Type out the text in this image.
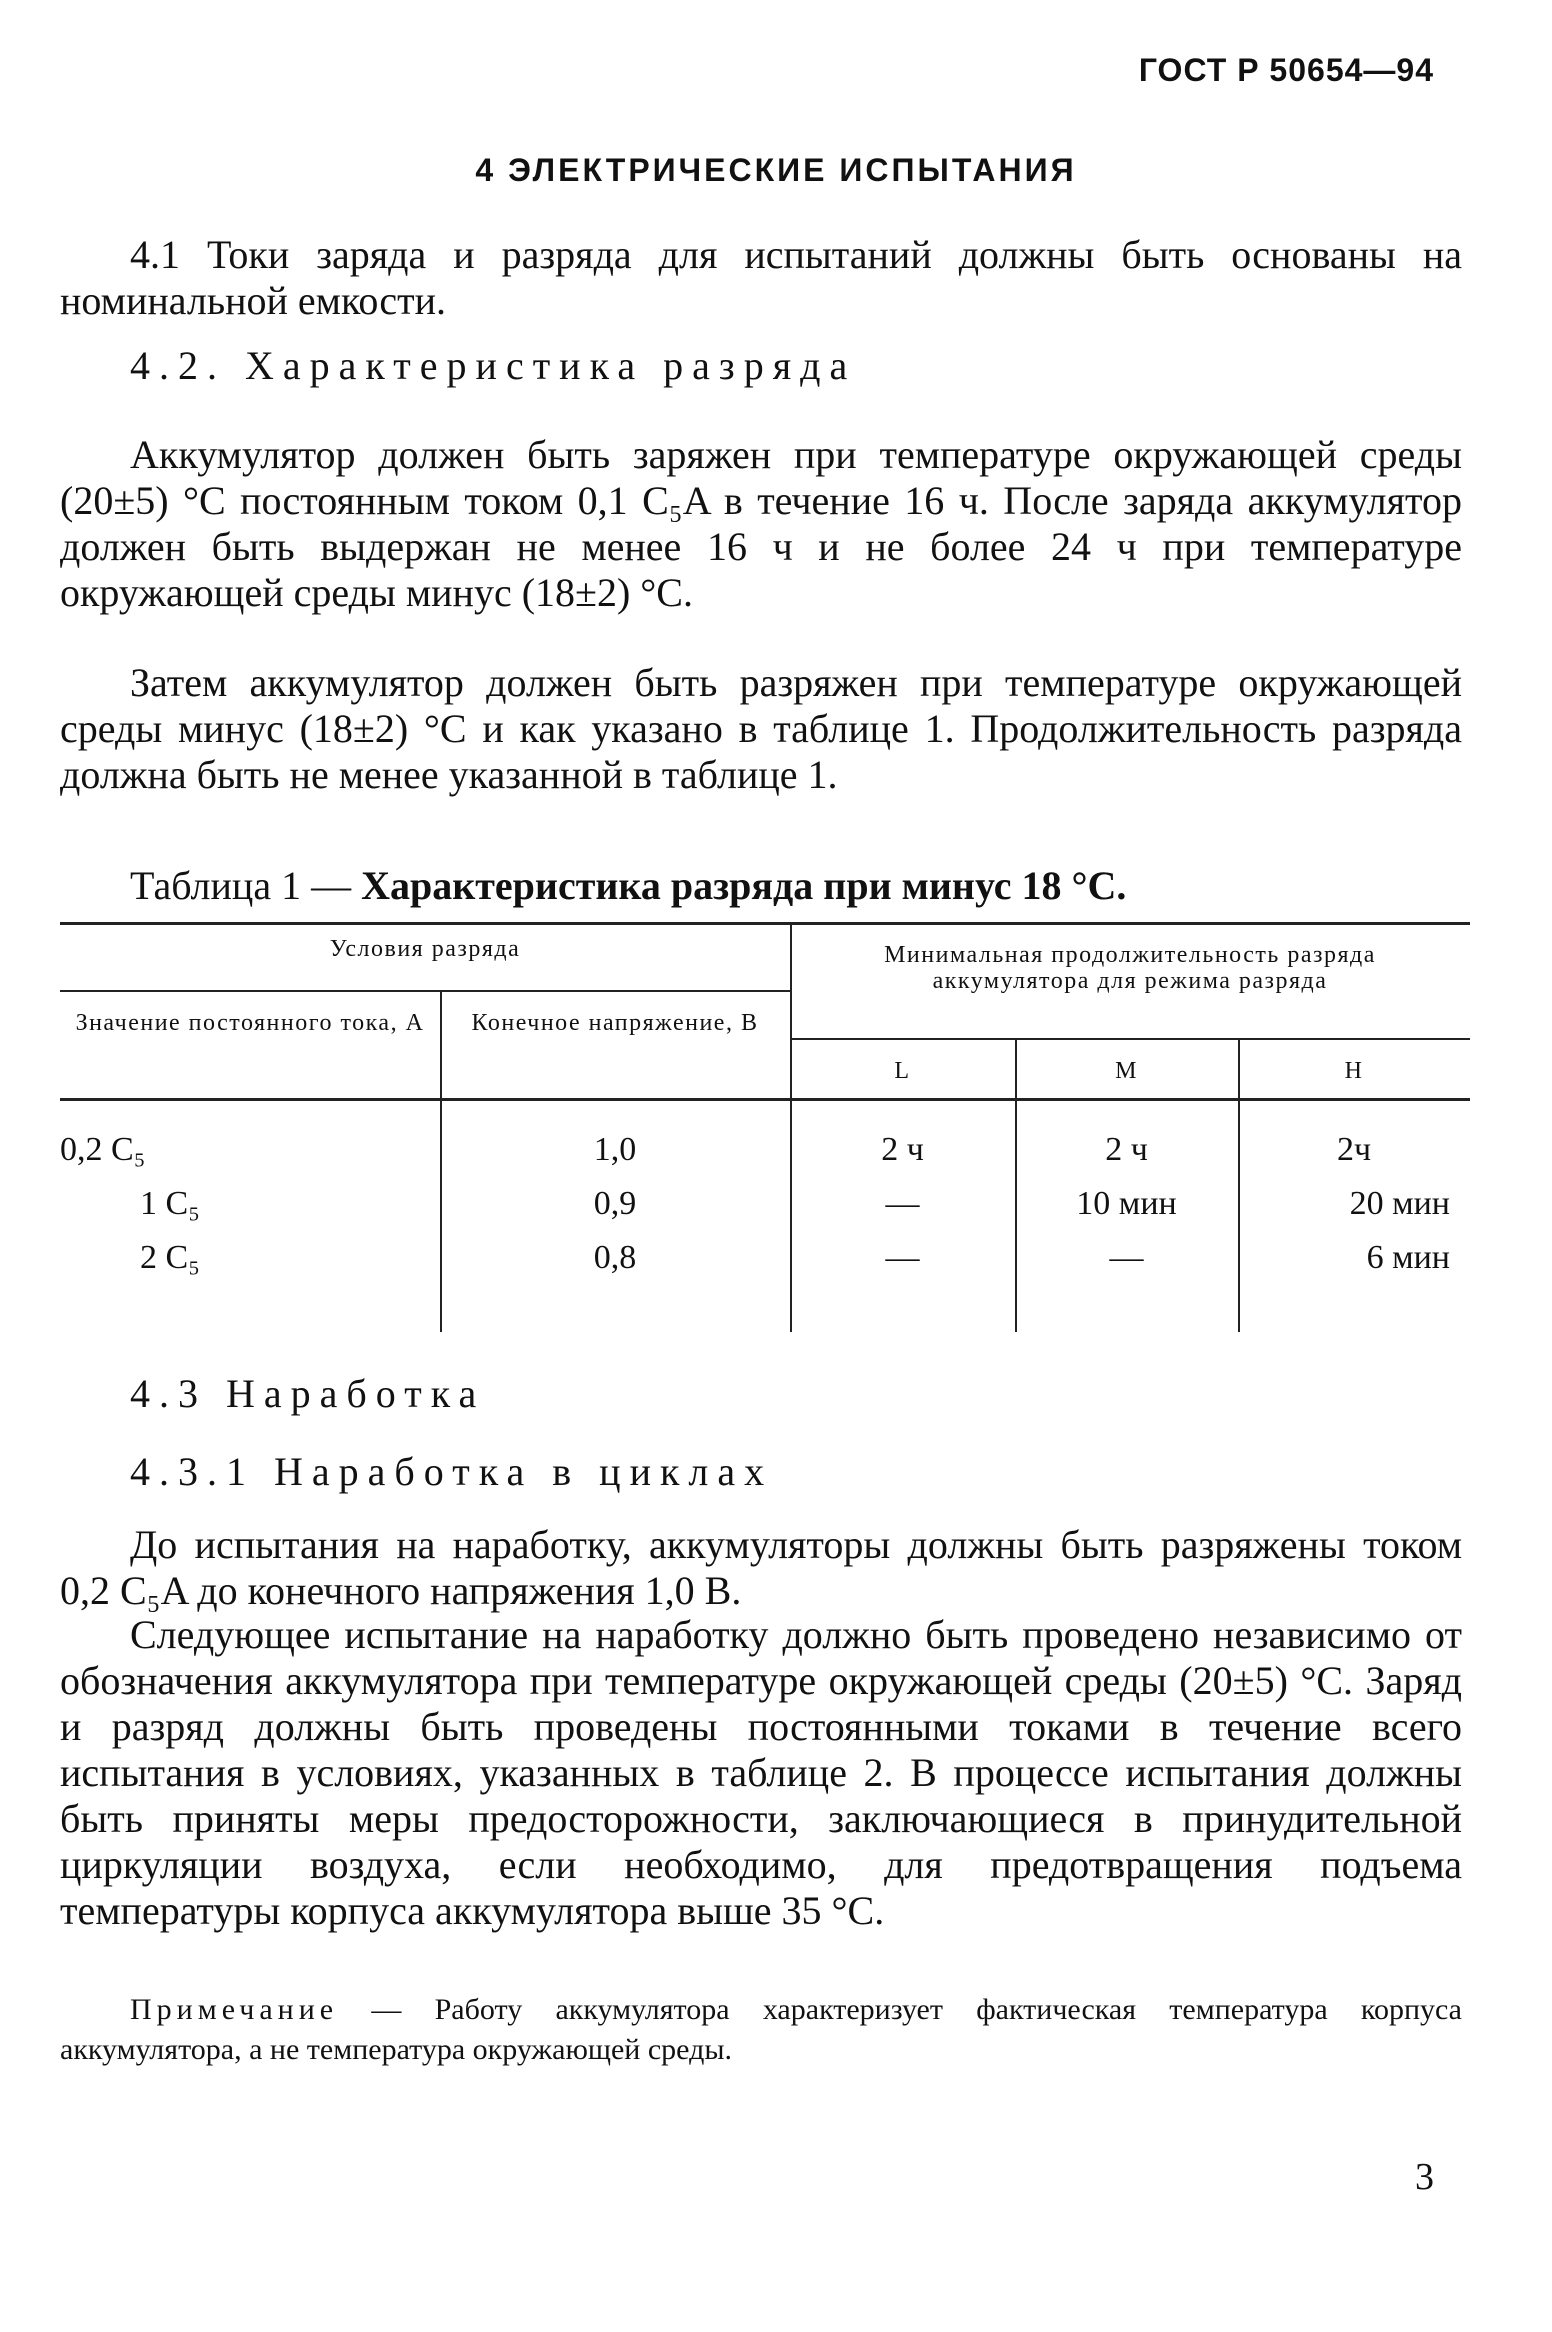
ГОСТ Р 50654—94
4 ЭЛЕКТРИЧЕСКИЕ ИСПЫТАНИЯ

4.1 Токи заряда и разряда для испытаний должны быть основаны на номинальной емкости.

4.2. Характеристика разряда

Аккумулятор должен быть заряжен при температуре окружающей среды (20±5) °C постоянным током 0,1 C₅A в течение 16 ч. После заряда аккумулятор должен быть выдержан не менее 16 ч и не более 24 ч при температуре окружающей среды минус (18±2) °C.

Затем аккумулятор должен быть разряжен при температуре окружающей среды минус (18±2) °C и как указано в таблице 1. Продолжительность разряда должна быть не менее указанной в таблице 1.

Таблица 1 — Характеристика разряда при минус 18 °С.

Условия разряда
Значение постоянного тока, А	Конечное напряжение, В
Минимальная продолжительность разряда аккумулятора для режима разряда
L	M	H
0,2 C₅	1,0	2 ч	2 ч	2ч
1 C₅	0,9	—	10 мин	20 мин
2 C₅	0,8	—	—	6 мин

4.3 Наработка

4.3.1 Наработка в циклах

До испытания на наработку, аккумуляторы должны быть разряжены током 0,2 C₅A до конечного напряжения 1,0 В.

Следующее испытание на наработку должно быть проведено независимо от обозначения аккумулятора при температуре окружающей среды (20±5) °C. Заряд и разряд должны быть проведены постоянными токами в течение всего испытания в условиях, указанных в таблице 2. В процессе испытания должны быть приняты меры предосторожности, заключающиеся в принудительной циркуляции воздуха, если необходимо, для предотвращения подъема температуры корпуса аккумулятора выше 35 °С.

Примечание — Работу аккумулятора характеризует фактическая температура корпуса аккумулятора, а не температура окружающей среды.

3
